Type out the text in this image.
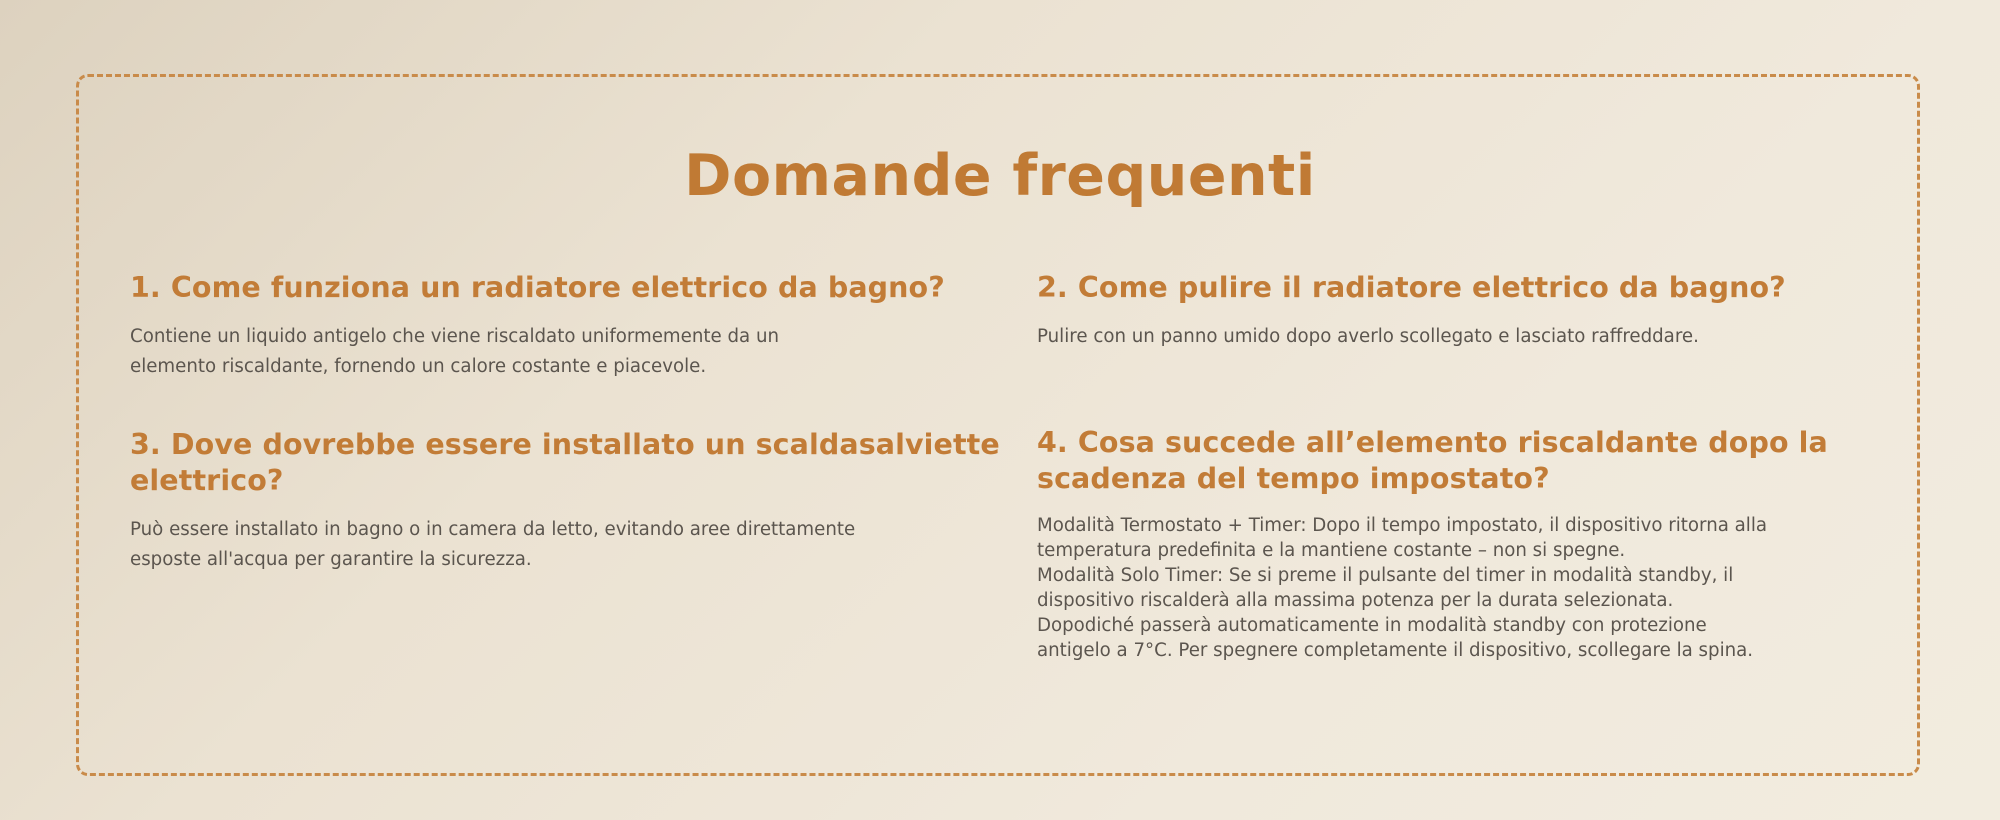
Domande frequenti
1. Come funziona un radiatore elettrico da bagno?

Contiene un liquido antigelo che viene riscaldato uniformemente da un
elemento riscaldante, fornendo un calore costante e piacevole.

2. Come pulire il radiatore elettrico da bagno?

Pulire con un panno umido dopo averlo scollegato e lasciato raffreddare.

3. Dove dovrebbe essere installato un scaldasalviette elettrico?

Può essere installato in bagno o in camera da letto, evitando aree direttamente
esposte all'acqua per garantire la sicurezza.

4. Cosa succede all’elemento riscaldante dopo la scadenza del tempo impostato?

Modalità Termostato + Timer: Dopo il tempo impostato, il dispositivo ritorna alla
temperatura predefinita e la mantiene costante – non si spegne.
Modalità Solo Timer: Se si preme il pulsante del timer in modalità standby, il
dispositivo riscalderà alla massima potenza per la durata selezionata.
Dopodiché passerà automaticamente in modalità standby con protezione
antigelo a 7°C. Per spegnere completamente il dispositivo, scollegare la spina.
